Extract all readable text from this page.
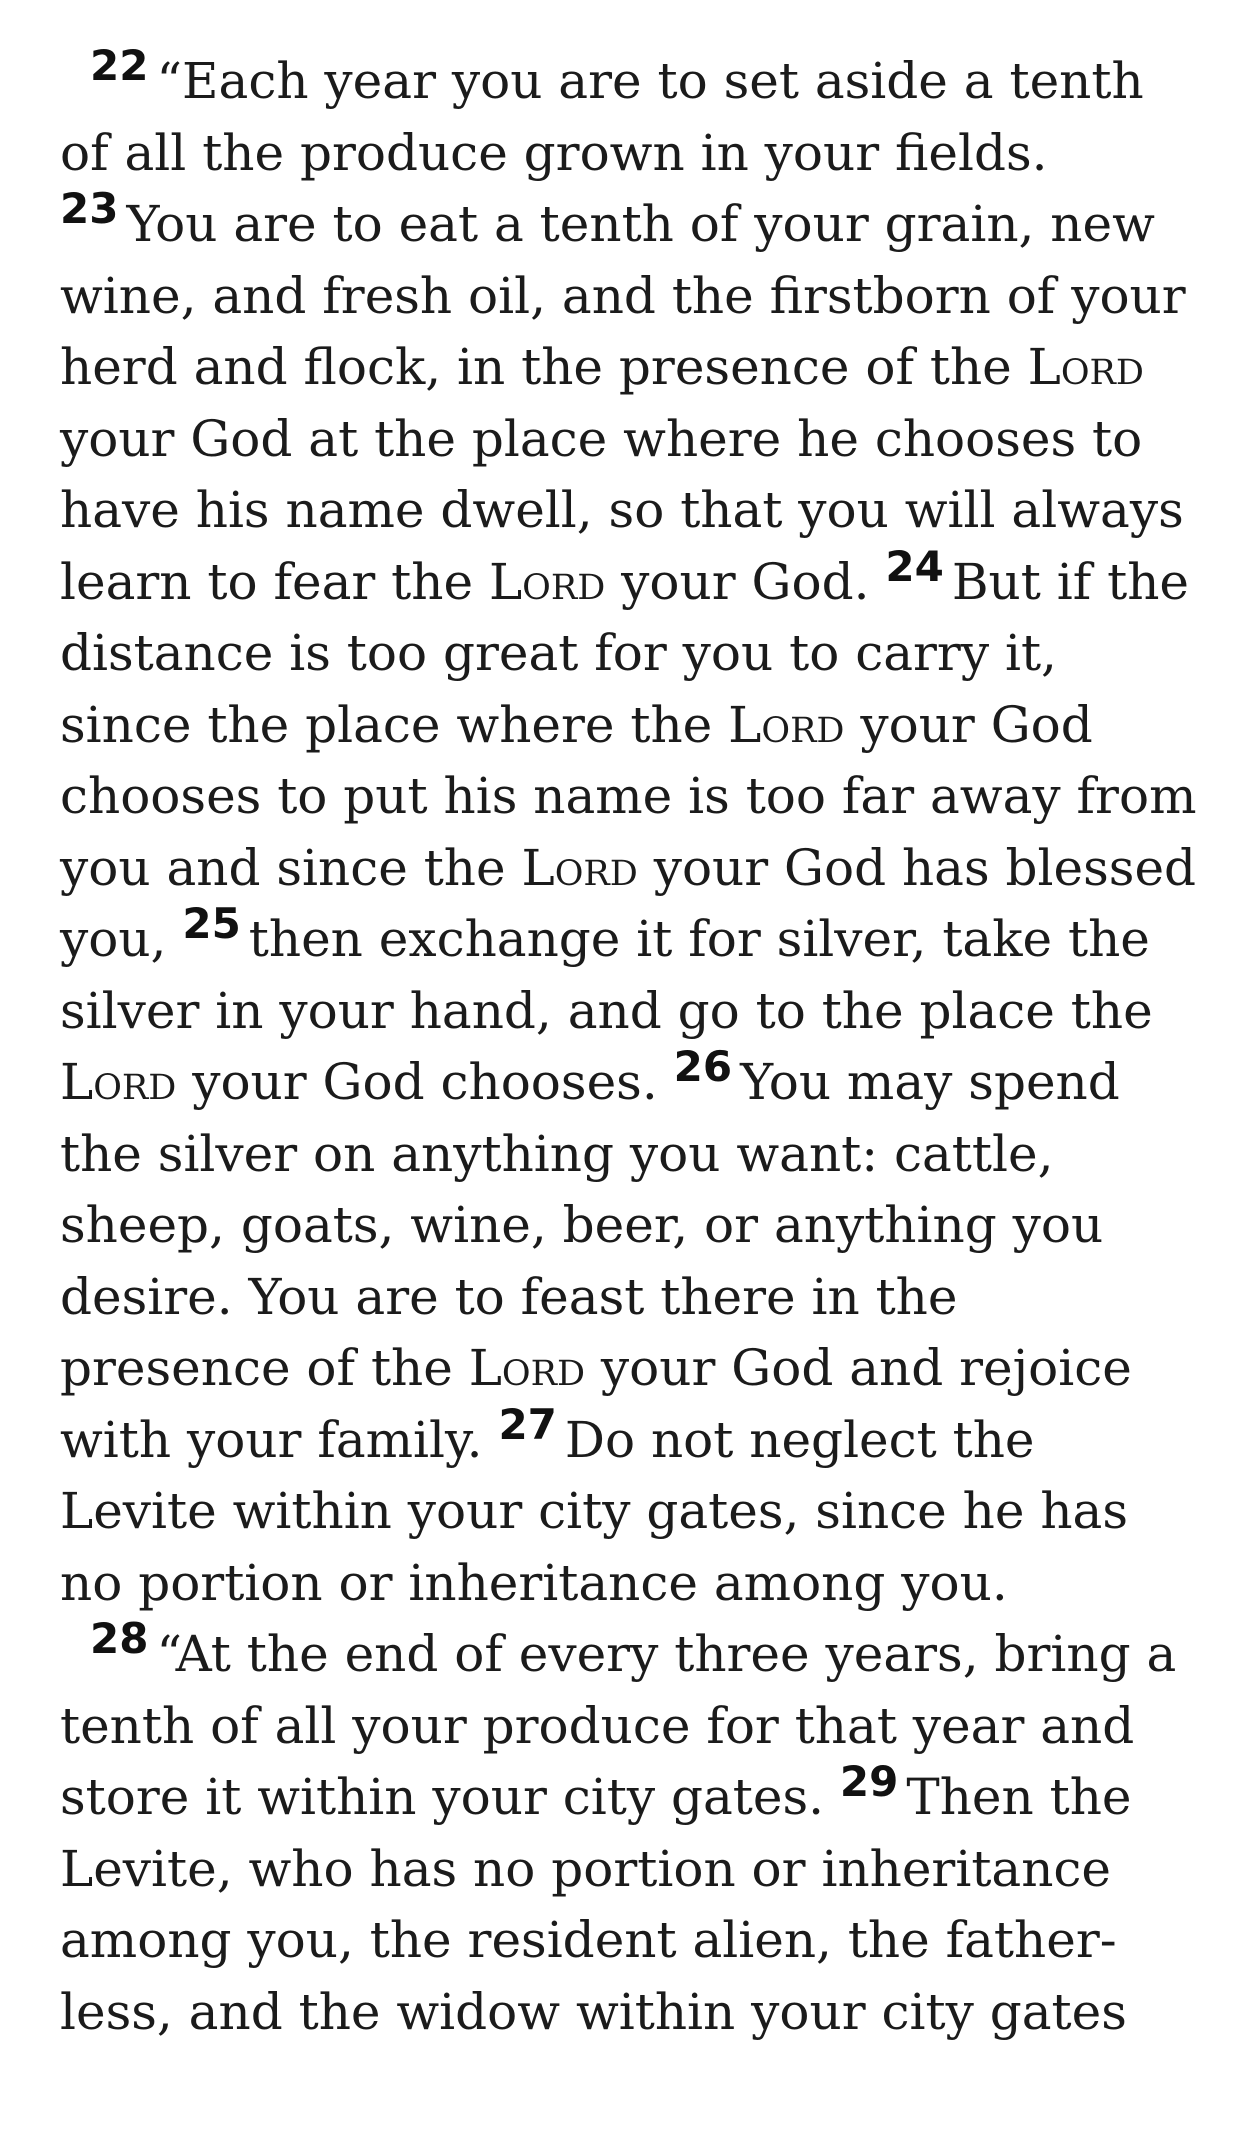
$^{22}$ “Each year you are to set aside a tenth of all the produce grown in your fields. $^{23}$ You are to eat a tenth of your grain, new wine, and fresh oil, and the firstborn of your herd and flock, in the presence of the Lord your God at the place where he chooses to have his name dwell, so that you will always learn to fear the Lord your God. $^{24}$ But if the distance is too great for you to carry it, since the place where the Lord your God chooses to put his name is too far away from you and since the Lord your God has blessed you, $^{25}$ then exchange it for silver, take the silver in your hand, and go to the place the Lord your God chooses. $^{26}$ You may spend the silver on anything you want: cattle, sheep, goats, wine, beer, or anything you desire. You are to feast there in the presence of the Lord your God and rejoice with your family. $^{27}$ Do not neglect the Levite within your city gates, since he has no portion or inheritance among you.

$^{28}$ “At the end of every three years, bring a tenth of all your produce for that year and store it within your city gates. $^{29}$ Then the Levite, who has no portion or inheritance among you, the resident alien, the father-less, and the widow within your city gates
